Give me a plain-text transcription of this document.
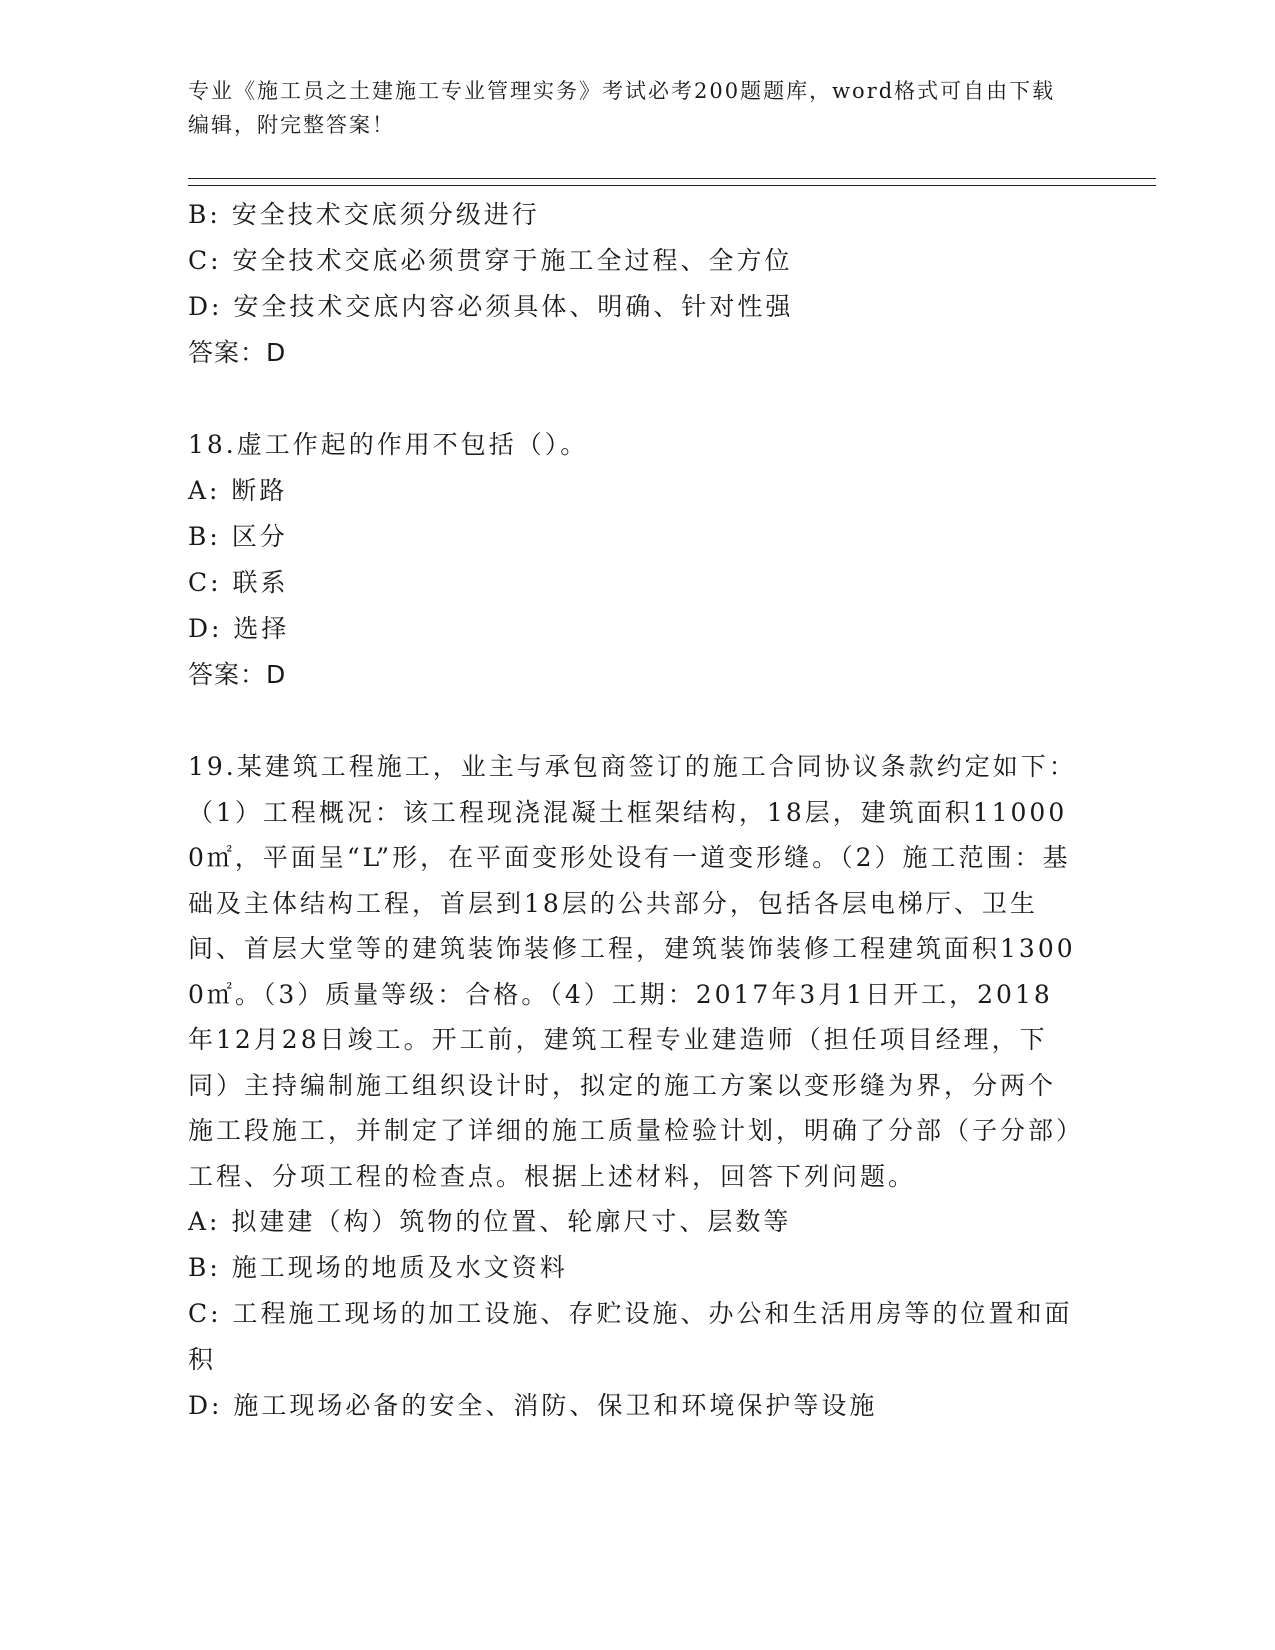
专业《施工员之土建施工专业管理实务》考试必考200题题库，word格式可自由下载编辑，附完整答案！
B: 安全技术交底须分级进行
C: 安全技术交底必须贯穿于施工全过程、全方位
D: 安全技术交底内容必须具体、明确、针对性强
答案：D
18.虚工作起的作用不包括（）。
A: 断路
B: 区分
C: 联系
D: 选择
答案：D
19.某建筑工程施工，业主与承包商签订的施工合同协议条款约定如下：（1）工程概况：该工程现浇混凝土框架结构，18层，建筑面积110000㎡，平面呈“L”形，在平面变形处设有一道变形缝。（2）施工范围：基础及主体结构工程，首层到18层的公共部分，包括各层电梯厅、卫生间、首层大堂等的建筑装饰装修工程，建筑装饰装修工程建筑面积13000㎡。（3）质量等级：合格。（4）工期：2017年3月1日开工，2018年12月28日竣工。开工前，建筑工程专业建造师（担任项目经理，下同）主持编制施工组织设计时，拟定的施工方案以变形缝为界，分两个施工段施工，并制定了详细的施工质量检验计划，明确了分部（子分部）工程、分项工程的检查点。根据上述材料，回答下列问题。
A: 拟建建（构）筑物的位置、轮廓尺寸、层数等
B: 施工现场的地质及水文资料
C: 工程施工现场的加工设施、存贮设施、办公和生活用房等的位置和面积
D: 施工现场必备的安全、消防、保卫和环境保护等设施
